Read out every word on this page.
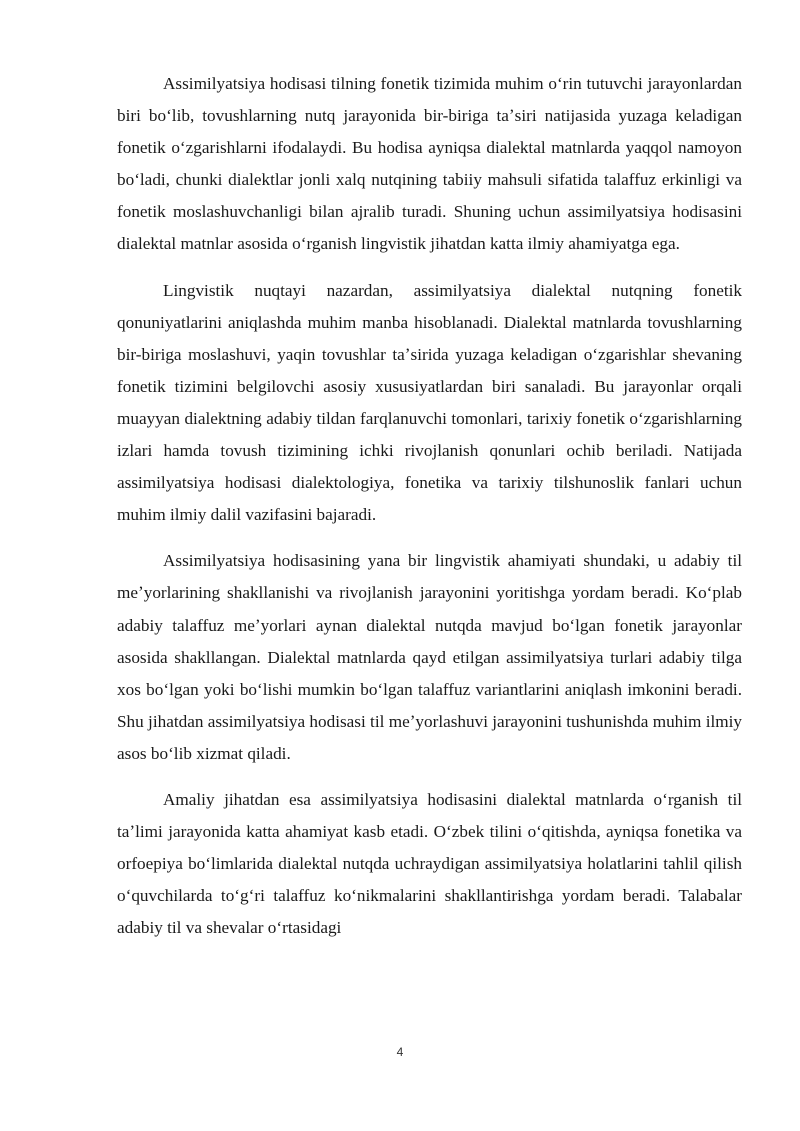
Assimilyatsiya hodisasi tilning fonetik tizimida muhim oʻrin tutuvchi jarayonlardan biri boʻlib, tovushlarning nutq jarayonida bir-biriga taʼsiri natijasida yuzaga keladigan fonetik oʻzgarishlarni ifodalaydi. Bu hodisa ayniqsa dialektal matnlarda yaqqol namoyon boʻladi, chunki dialektlar jonli xalq nutqining tabiiy mahsuli sifatida talaffuz erkinligi va fonetik moslashuvchanligi bilan ajralib turadi. Shuning uchun assimilyatsiya hodisasini dialektal matnlar asosida oʻrganish lingvistik jihatdan katta ilmiy ahamiyatga ega.

Lingvistik nuqtayi nazardan, assimilyatsiya dialektal nutqning fonetik qonuniyatlarini aniqlashda muhim manba hisoblanadi. Dialektal matnlarda tovushlarning bir-biriga moslashuvi, yaqin tovushlar taʼsirida yuzaga keladigan oʻzgarishlar shevaning fonetik tizimini belgilovchi asosiy xususiyatlardan biri sanaladi. Bu jarayonlar orqali muayyan dialektning adabiy tildan farqlanuvchi tomonlari, tarixiy fonetik oʻzgarishlarning izlari hamda tovush tizimining ichki rivojlanish qonunlari ochib beriladi. Natijada assimilyatsiya hodisasi dialektologiya, fonetika va tarixiy tilshunoslik fanlari uchun muhim ilmiy dalil vazifasini bajaradi.

Assimilyatsiya hodisasining yana bir lingvistik ahamiyati shundaki, u adabiy til meʼyorlarining shakllanishi va rivojlanish jarayonini yoritishga yordam beradi. Koʻplab adabiy talaffuz meʼyorlari aynan dialektal nutqda mavjud boʻlgan fonetik jarayonlar asosida shakllangan. Dialektal matnlarda qayd etilgan assimilyatsiya turlari adabiy tilga xos boʻlgan yoki boʻlishi mumkin boʻlgan talaffuz variantlarini aniqlash imkonini beradi. Shu jihatdan assimilyatsiya hodisasi til meʼyorlashuvi jarayonini tushunishda muhim ilmiy asos boʻlib xizmat qiladi.

Amaliy jihatdan esa assimilyatsiya hodisasini dialektal matnlarda oʻrganish til taʼlimi jarayonida katta ahamiyat kasb etadi. Oʻzbek tilini oʻqitishda, ayniqsa fonetika va orfoepiya boʻlimlarida dialektal nutqda uchraydigan assimilyatsiya holatlarini tahlil qilish oʻquvchilarda toʻgʻri talaffuz koʻnikmalarini shakllantirishga yordam beradi. Talabalar adabiy til va shevalar oʻrtasidagi

4
